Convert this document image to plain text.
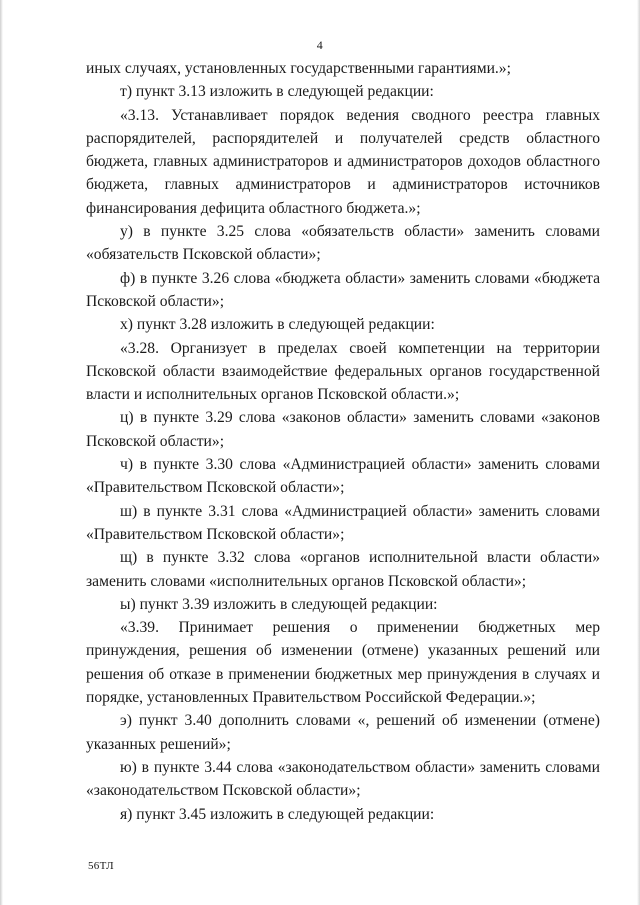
4

иных случаях, установленных государственными гарантиями.»;

т) пункт 3.13 изложить в следующей редакции:

«3.13. Устанавливает порядок ведения сводного реестра главных распорядителей, распорядителей и получателей средств областного бюджета, главных администраторов и администраторов доходов областного бюджета, главных администраторов и администраторов источников финансирования дефицита областного бюджета.»;

у) в пункте 3.25 слова «обязательств области» заменить словами «обязательств Псковской области»;

ф) в пункте 3.26 слова «бюджета области» заменить словами «бюджета Псковской области»;

х) пункт 3.28 изложить в следующей редакции:

«3.28. Организует в пределах своей компетенции на территории Псковской области взаимодействие федеральных органов государственной власти и исполнительных органов Псковской области.»;

ц) в пункте 3.29 слова «законов области» заменить словами «законов Псковской области»;

ч) в пункте 3.30 слова «Администрацией области» заменить словами «Правительством Псковской области»;

ш) в пункте 3.31 слова «Администрацией области» заменить словами «Правительством Псковской области»;

щ) в пункте 3.32 слова «органов исполнительной власти области» заменить словами «исполнительных органов Псковской области»;

ы) пункт 3.39 изложить в следующей редакции:

«3.39. Принимает решения о применении бюджетных мер принуждения, решения об изменении (отмене) указанных решений или решения об отказе в применении бюджетных мер принуждения в случаях и порядке, установленных Правительством Российской Федерации.»;

э) пункт 3.40 дополнить словами «, решений об изменении (отмене) указанных решений»;

ю) в пункте 3.44 слова «законодательством области» заменить словами «законодательством Псковской области»;

я) пункт 3.45 изложить в следующей редакции:

56ТЛ
